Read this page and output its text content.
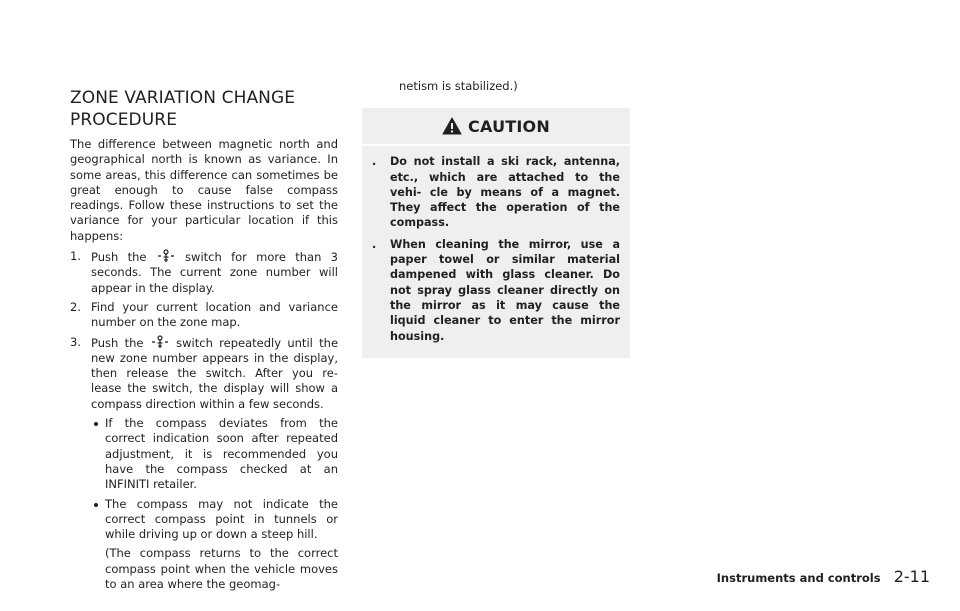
ZONE VARIATION CHANGE
PROCEDURE

The difference between magnetic north and geographical north is known as variance. In some areas, this difference can sometimes be great enough to cause false compass readings. Follow these instructions to set the variance for your particular location if this happens:

1. Push the	switch for more than 3 seconds. The current zone number will appear in the display.
2. Find your current location and variance number on the zone map.
3. Push the	switch repeatedly until the new zone number appears in the display, then release the switch. After you re- lease the switch, the display will show a compass direction within a few seconds.
If the compass deviates from the correct indication soon after repeated adjustment, it is recommended you have the compass checked at an INFINITI retailer.
The compass may not indicate the correct compass point in tunnels or while driving up or down a steep hill.

(The compass returns to the correct compass point when the vehicle moves to an area where the geomag-

netism is stabilized.)

CAUTION
. Do not install a ski rack, antenna, etc., which are attached to the vehi- cle by means of a magnet. They affect the operation of the compass.
. When cleaning the mirror, use a paper towel or similar material dampened with glass cleaner. Do not spray glass cleaner directly on the mirror as it may cause the liquid cleaner to enter the mirror housing.
Instruments and controls 2-11
